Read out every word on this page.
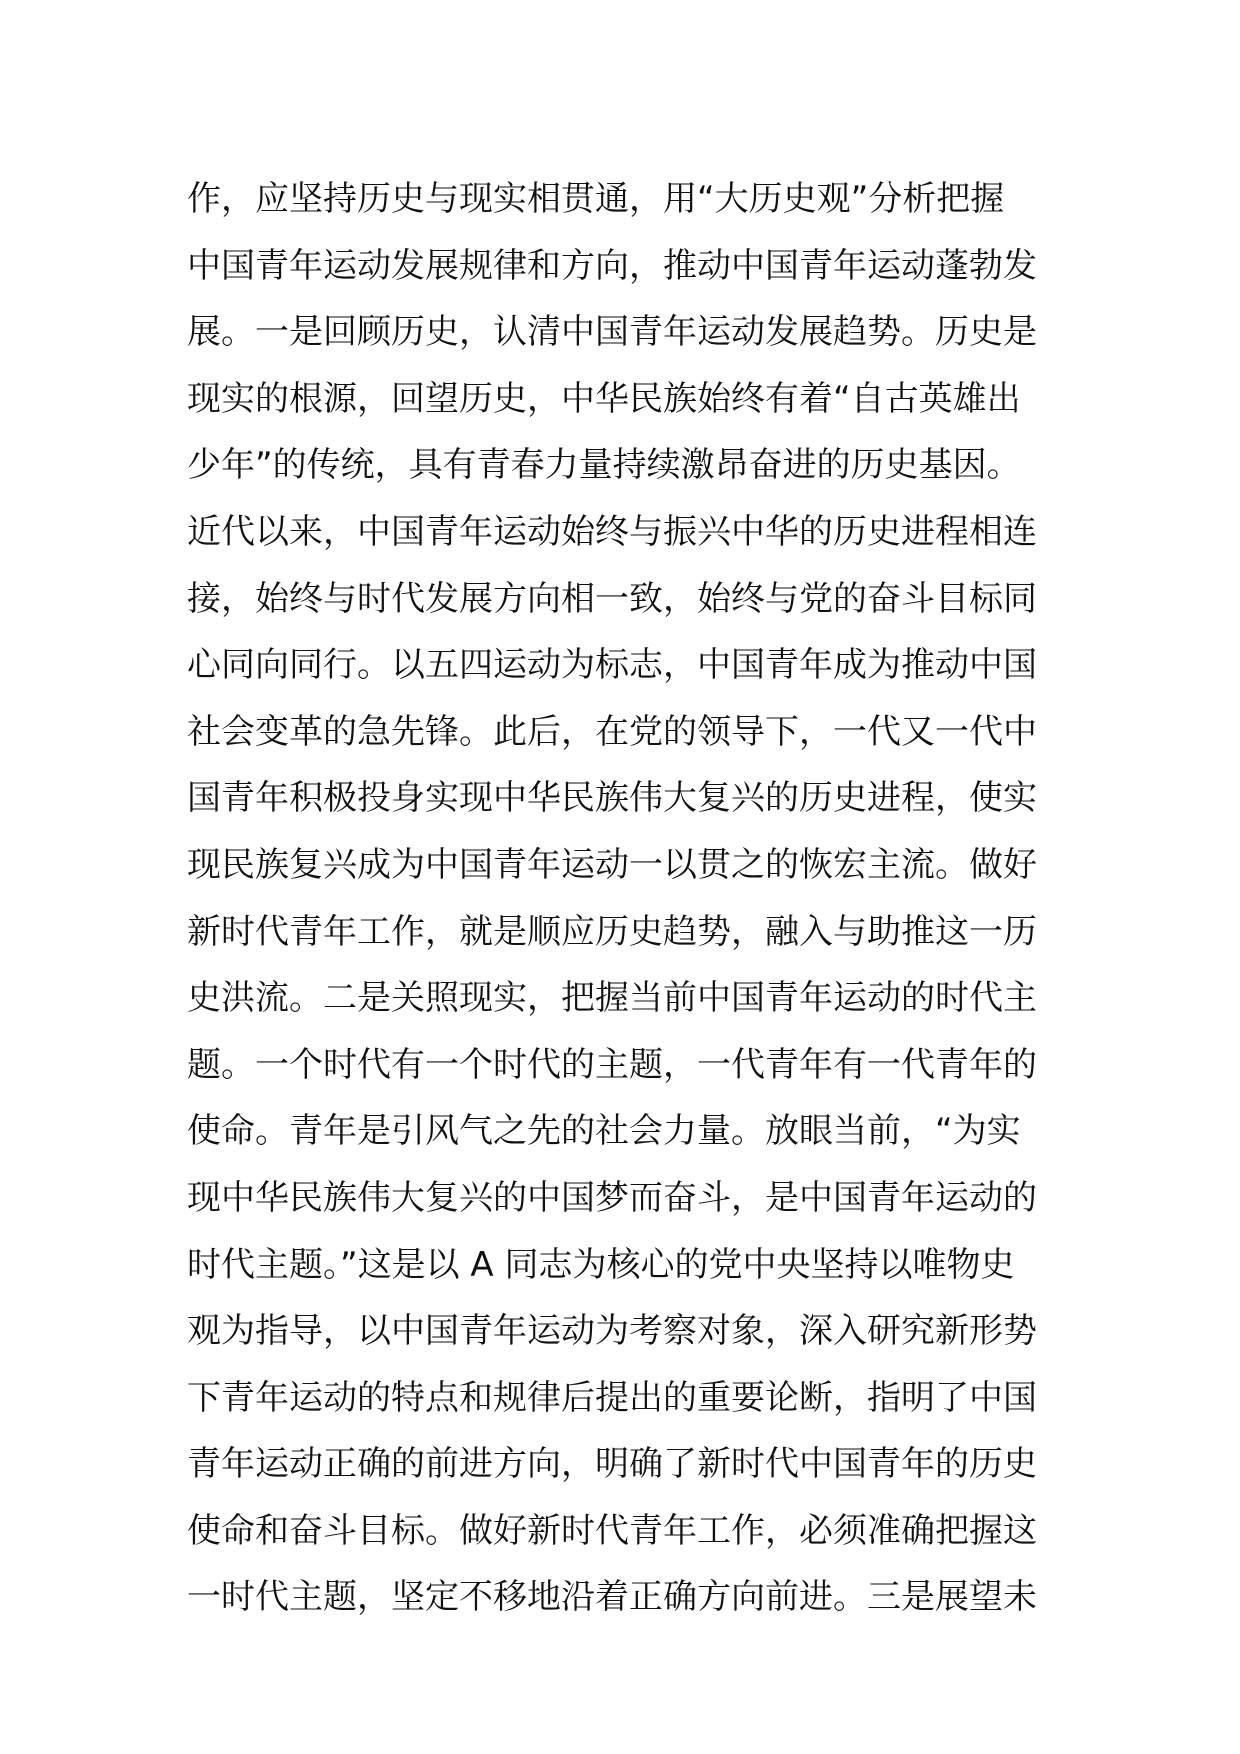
作，应坚持历史与现实相贯通，用“大历史观”分析把握
中国青年运动发展规律和方向，推动中国青年运动蓬勃发
展。一是回顾历史，认清中国青年运动发展趋势。历史是
现实的根源，回望历史，中华民族始终有着“自古英雄出
少年”的传统，具有青春力量持续激昂奋进的历史基因。
近代以来，中国青年运动始终与振兴中华的历史进程相连
接，始终与时代发展方向相一致，始终与党的奋斗目标同
心同向同行。以五四运动为标志，中国青年成为推动中国
社会变革的急先锋。此后，在党的领导下，一代又一代中
国青年积极投身实现中华民族伟大复兴的历史进程，使实
现民族复兴成为中国青年运动一以贯之的恢宏主流。做好
新时代青年工作，就是顺应历史趋势，融入与助推这一历
史洪流。二是关照现实，把握当前中国青年运动的时代主
题。一个时代有一个时代的主题，一代青年有一代青年的
使命。青年是引风气之先的社会力量。放眼当前，“为实
现中华民族伟大复兴的中国梦而奋斗，是中国青年运动的
时代主题。”这是以 A 同志为核心的党中央坚持以唯物史
观为指导，以中国青年运动为考察对象，深入研究新形势
下青年运动的特点和规律后提出的重要论断，指明了中国
青年运动正确的前进方向，明确了新时代中国青年的历史
使命和奋斗目标。做好新时代青年工作，必须准确把握这
一时代主题，坚定不移地沿着正确方向前进。三是展望未
